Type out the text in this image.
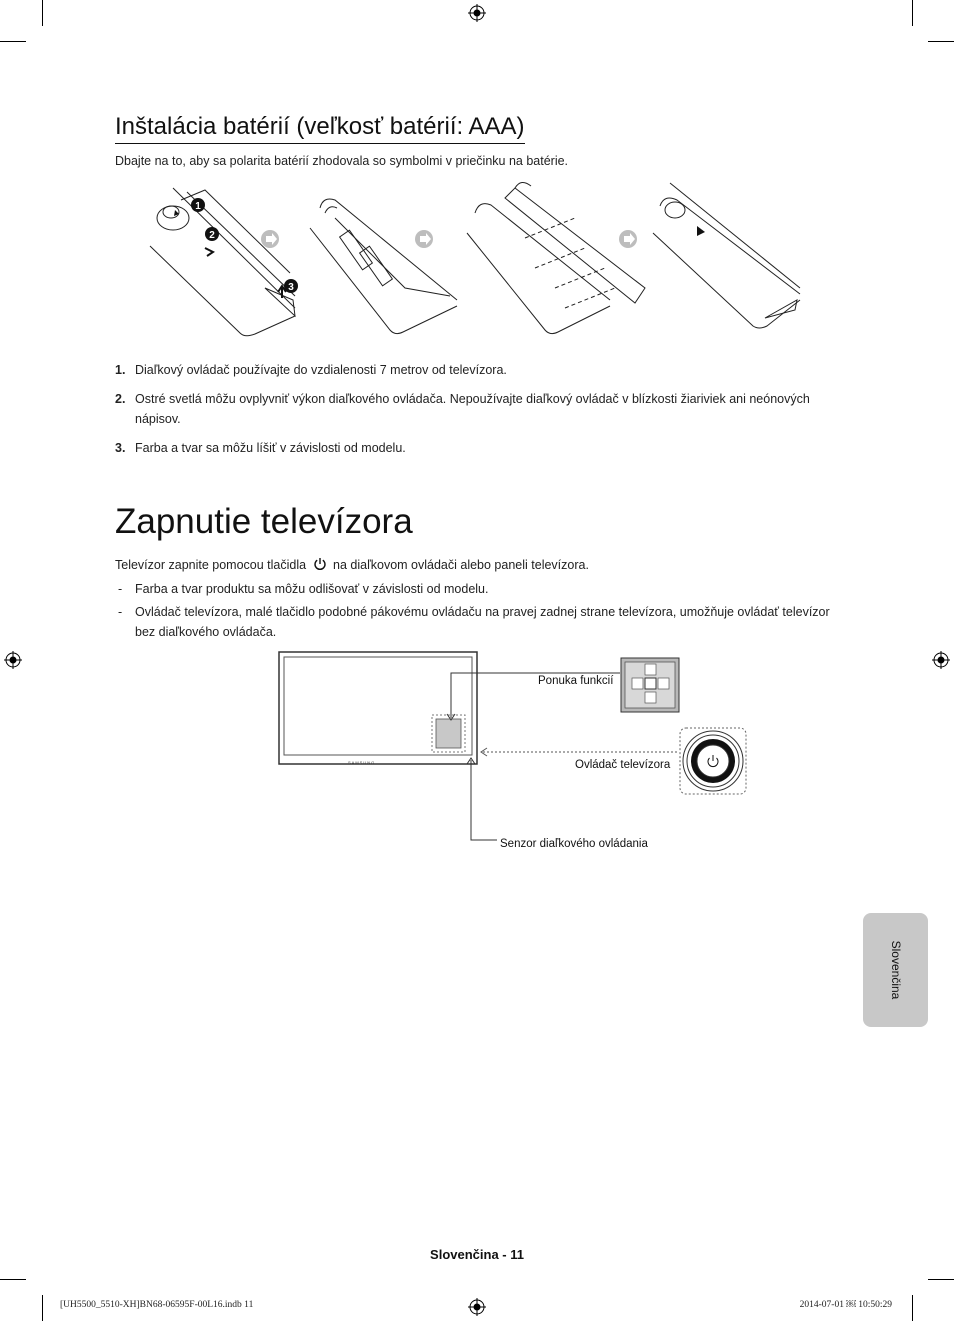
Inštalácia batérií (veľkosť batérií: AAA)
Dbajte na to, aby sa polarita batérií zhodovala so symbolmi v priečinku na batérie.
1
2
3
1. Diaľkový ovládač používajte do vzdialenosti 7 metrov od televízora.
2. Ostré svetlá môžu ovplyvniť výkon diaľkového ovládača. Nepoužívajte diaľkový ovládač v blízkosti žiariviek ani neónových nápisov.
3. Farba a tvar sa môžu líšiť v závislosti od modelu.
Zapnutie televízora
Televízor zapnite pomocou tlačidla na diaľkovom ovládači alebo paneli televízora.
- Farba a tvar produktu sa môžu odlišovať v závislosti od modelu.
- Ovládač televízora, malé tlačidlo podobné pákovému ovládaču na pravej zadnej strane televízora, umožňuje ovládať televízor bez diaľkového ovládača.
SAMSUNG
Ponuka funkcií
Ovládač televízora
Senzor diaľkového ovládania
Slovenčina
Slovenčina - 11
[UH5500_5510-XH]BN68-06595F-00L16.indb 11	2014-07-01 ￼ 10:50:29
